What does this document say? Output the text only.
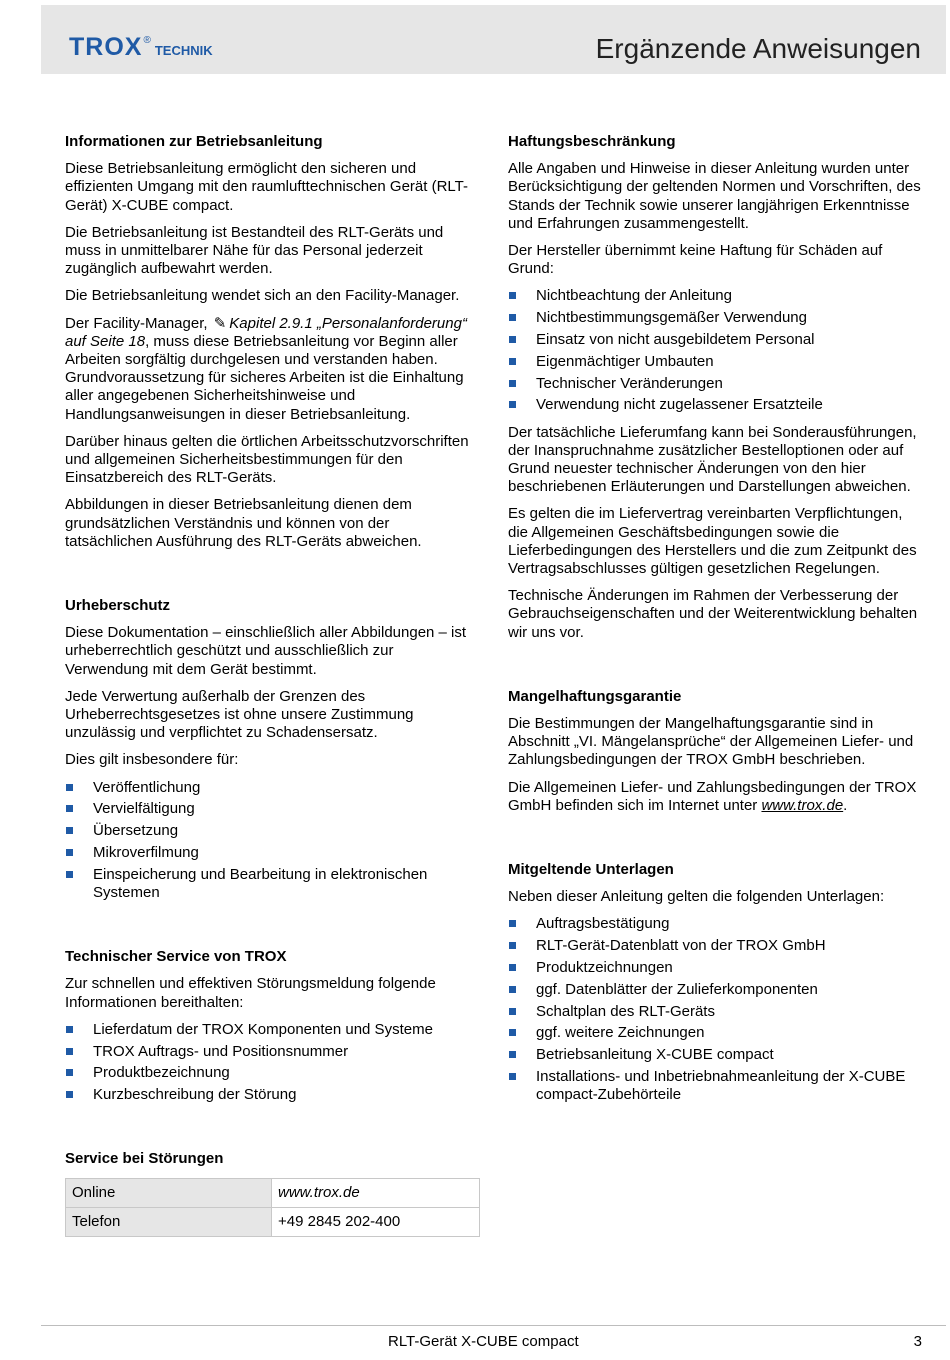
TROX ®
TECHNIK	Ergänzende Anweisungen
Informationen zur Betriebsanleitung

Diese Betriebsanleitung ermöglicht den sicheren und effizienten Umgang mit den raumlufttechnischen Gerät (RLT-Gerät) X-CUBE compact.

Die Betriebsanleitung ist Bestandteil des RLT-Geräts und muss in unmittelbarer Nähe für das Personal jederzeit zugänglich aufbewahrt werden.

Die Betriebsanleitung wendet sich an den Facility-Manager.

Der Facility-Manager, ✎ Kapitel 2.9.1 „Personalanforderung“ auf Seite 18, muss diese Betriebsanleitung vor Beginn aller Arbeiten sorgfältig durchgelesen und verstanden haben. Grundvoraussetzung für sicheres Arbeiten ist die Einhaltung aller angegebenen Sicherheitshinweise und Handlungsanweisungen in dieser Betriebsanleitung.

Darüber hinaus gelten die örtlichen Arbeitsschutzvorschriften und allgemeinen Sicherheitsbestimmungen für den Einsatzbereich des RLT-Geräts.

Abbildungen in dieser Betriebsanleitung dienen dem grundsätzlichen Verständnis und können von der tatsächlichen Ausführung des RLT-Geräts abweichen.

Urheberschutz

Diese Dokumentation – einschließlich aller Abbildungen – ist urheberrechtlich geschützt und ausschließlich zur Verwendung mit dem Gerät bestimmt.

Jede Verwertung außerhalb der Grenzen des Urheberrechtsgesetzes ist ohne unsere Zustimmung unzulässig und verpflichtet zu Schadensersatz.

Dies gilt insbesondere für:

Veröffentlichung
Vervielfältigung
Übersetzung
Mikroverfilmung
Einspeicherung und Bearbeitung in elektronischen Systemen
Technischer Service von TROX

Zur schnellen und effektiven Störungsmeldung folgende Informationen bereithalten:

Lieferdatum der TROX Komponenten und Systeme
TROX Auftrags- und Positionsnummer
Produktbezeichnung
Kurzbeschreibung der Störung
Service bei Störungen
Online	www.trox.de
Telefon	+49 2845 202-400
Haftungsbeschränkung

Alle Angaben und Hinweise in dieser Anleitung wurden unter Berücksichtigung der geltenden Normen und Vorschriften, des Stands der Technik sowie unserer langjährigen Erkenntnisse und Erfahrungen zusammengestellt.

Der Hersteller übernimmt keine Haftung für Schäden auf Grund:

Nichtbeachtung der Anleitung
Nichtbestimmungsgemäßer Verwendung
Einsatz von nicht ausgebildetem Personal
Eigenmächtiger Umbauten
Technischer Veränderungen
Verwendung nicht zugelassener Ersatzteile

Der tatsächliche Lieferumfang kann bei Sonderausführungen, der Inanspruchnahme zusätzlicher Bestelloptionen oder auf Grund neuester technischer Änderungen von den hier beschriebenen Erläuterungen und Darstellungen abweichen.

Es gelten die im Liefervertrag vereinbarten Verpflichtungen, die Allgemeinen Geschäftsbedingungen sowie die Lieferbedingungen des Herstellers und die zum Zeitpunkt des Vertragsabschlusses gültigen gesetzlichen Regelungen.

Technische Änderungen im Rahmen der Verbesserung der Gebrauchseigenschaften und der Weiterentwicklung behalten wir uns vor.

Mangelhaftungsgarantie

Die Bestimmungen der Mangelhaftungsgarantie sind in Abschnitt „VI. Mängelansprüche“ der Allgemeinen Liefer- und Zahlungsbedingungen der TROX GmbH beschrieben.

Die Allgemeinen Liefer- und Zahlungsbedingungen der TROX GmbH befinden sich im Internet unter www.trox.de.

Mitgeltende Unterlagen

Neben dieser Anleitung gelten die folgenden Unterlagen:

Auftragsbestätigung
RLT-Gerät-Datenblatt von der TROX GmbH
Produktzeichnungen
ggf. Datenblätter der Zulieferkomponenten
Schaltplan des RLT-Geräts
ggf. weitere Zeichnungen
Betriebsanleitung X-CUBE compact
Installations- und Inbetriebnahmeanleitung der X-CUBE compact-Zubehörteile
RLT-Gerät X-CUBE compact	3
